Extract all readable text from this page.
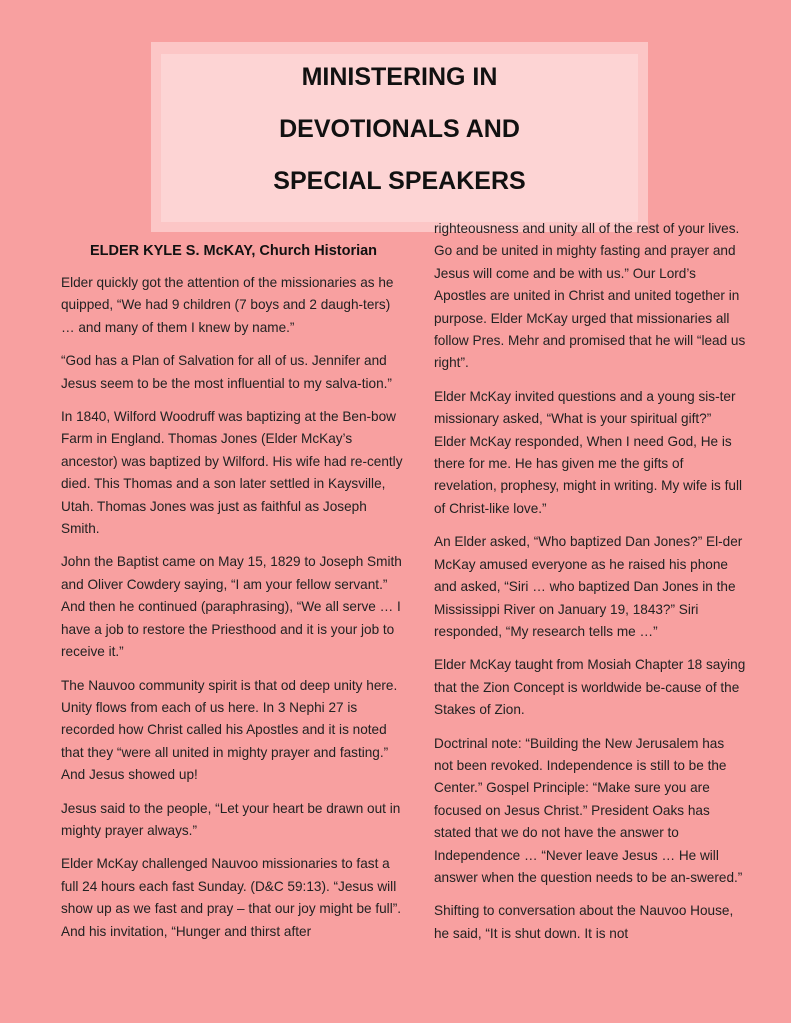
MINISTERING IN
DEVOTIONALS AND
SPECIAL SPEAKERS

ELDER KYLE S. McKAY, Church Historian

Elder quickly got the attention of the missionaries as he quipped, “We had 9 children (7 boys and 2 daugh-ters) … and many of them I knew by name.”

“God has a Plan of Salvation for all of us. Jennifer and Jesus seem to be the most influential to my salva-tion.”

In 1840, Wilford Woodruff was baptizing at the Ben-bow Farm in England. Thomas Jones (Elder McKay’s ancestor) was baptized by Wilford. His wife had re-cently died. This Thomas and a son later settled in Kaysville, Utah. Thomas Jones was just as faithful as Joseph Smith.

John the Baptist came on May 15, 1829 to Joseph Smith and Oliver Cowdery saying, “I am your fellow servant.” And then he continued (paraphrasing), “We all serve … I have a job to restore the Priesthood and it is your job to receive it.”

The Nauvoo community spirit is that od deep unity here. Unity flows from each of us here. In 3 Nephi 27 is recorded how Christ called his Apostles and it is noted that they “were all united in mighty prayer and fasting.” And Jesus showed up!

Jesus said to the people, “Let your heart be drawn out in mighty prayer always.”

Elder McKay challenged Nauvoo missionaries to fast a full 24 hours each fast Sunday. (D&C 59:13). “Jesus will show up as we fast and pray – that our joy might be full”. And his invitation, “Hunger and thirst after

righteousness and unity all of the rest of your lives. Go and be united in mighty fasting and prayer and Jesus will come and be with us.” Our Lord’s Apostles are united in Christ and united together in purpose. Elder McKay urged that missionaries all follow Pres. Mehr and promised that he will “lead us right”.

Elder McKay invited questions and a young sis-ter missionary asked, “What is your spiritual gift?” Elder McKay responded, When I need God, He is there for me. He has given me the gifts of revelation, prophesy, might in writing. My wife is full of Christ-like love.”

An Elder asked, “Who baptized Dan Jones?” El-der McKay amused everyone as he raised his phone and asked, “Siri … who baptized Dan Jones in the Mississippi River on January 19, 1843?” Siri responded, “My research tells me …”

Elder McKay taught from Mosiah Chapter 18 saying that the Zion Concept is worldwide be-cause of the Stakes of Zion.

Doctrinal note: “Building the New Jerusalem has not been revoked. Independence is still to be the Center.” Gospel Principle: “Make sure you are focused on Jesus Christ.” President Oaks has stated that we do not have the answer to Independence … “Never leave Jesus … He will answer when the question needs to be an-swered.”

Shifting to conversation about the Nauvoo House, he said, “It is shut down. It is not
